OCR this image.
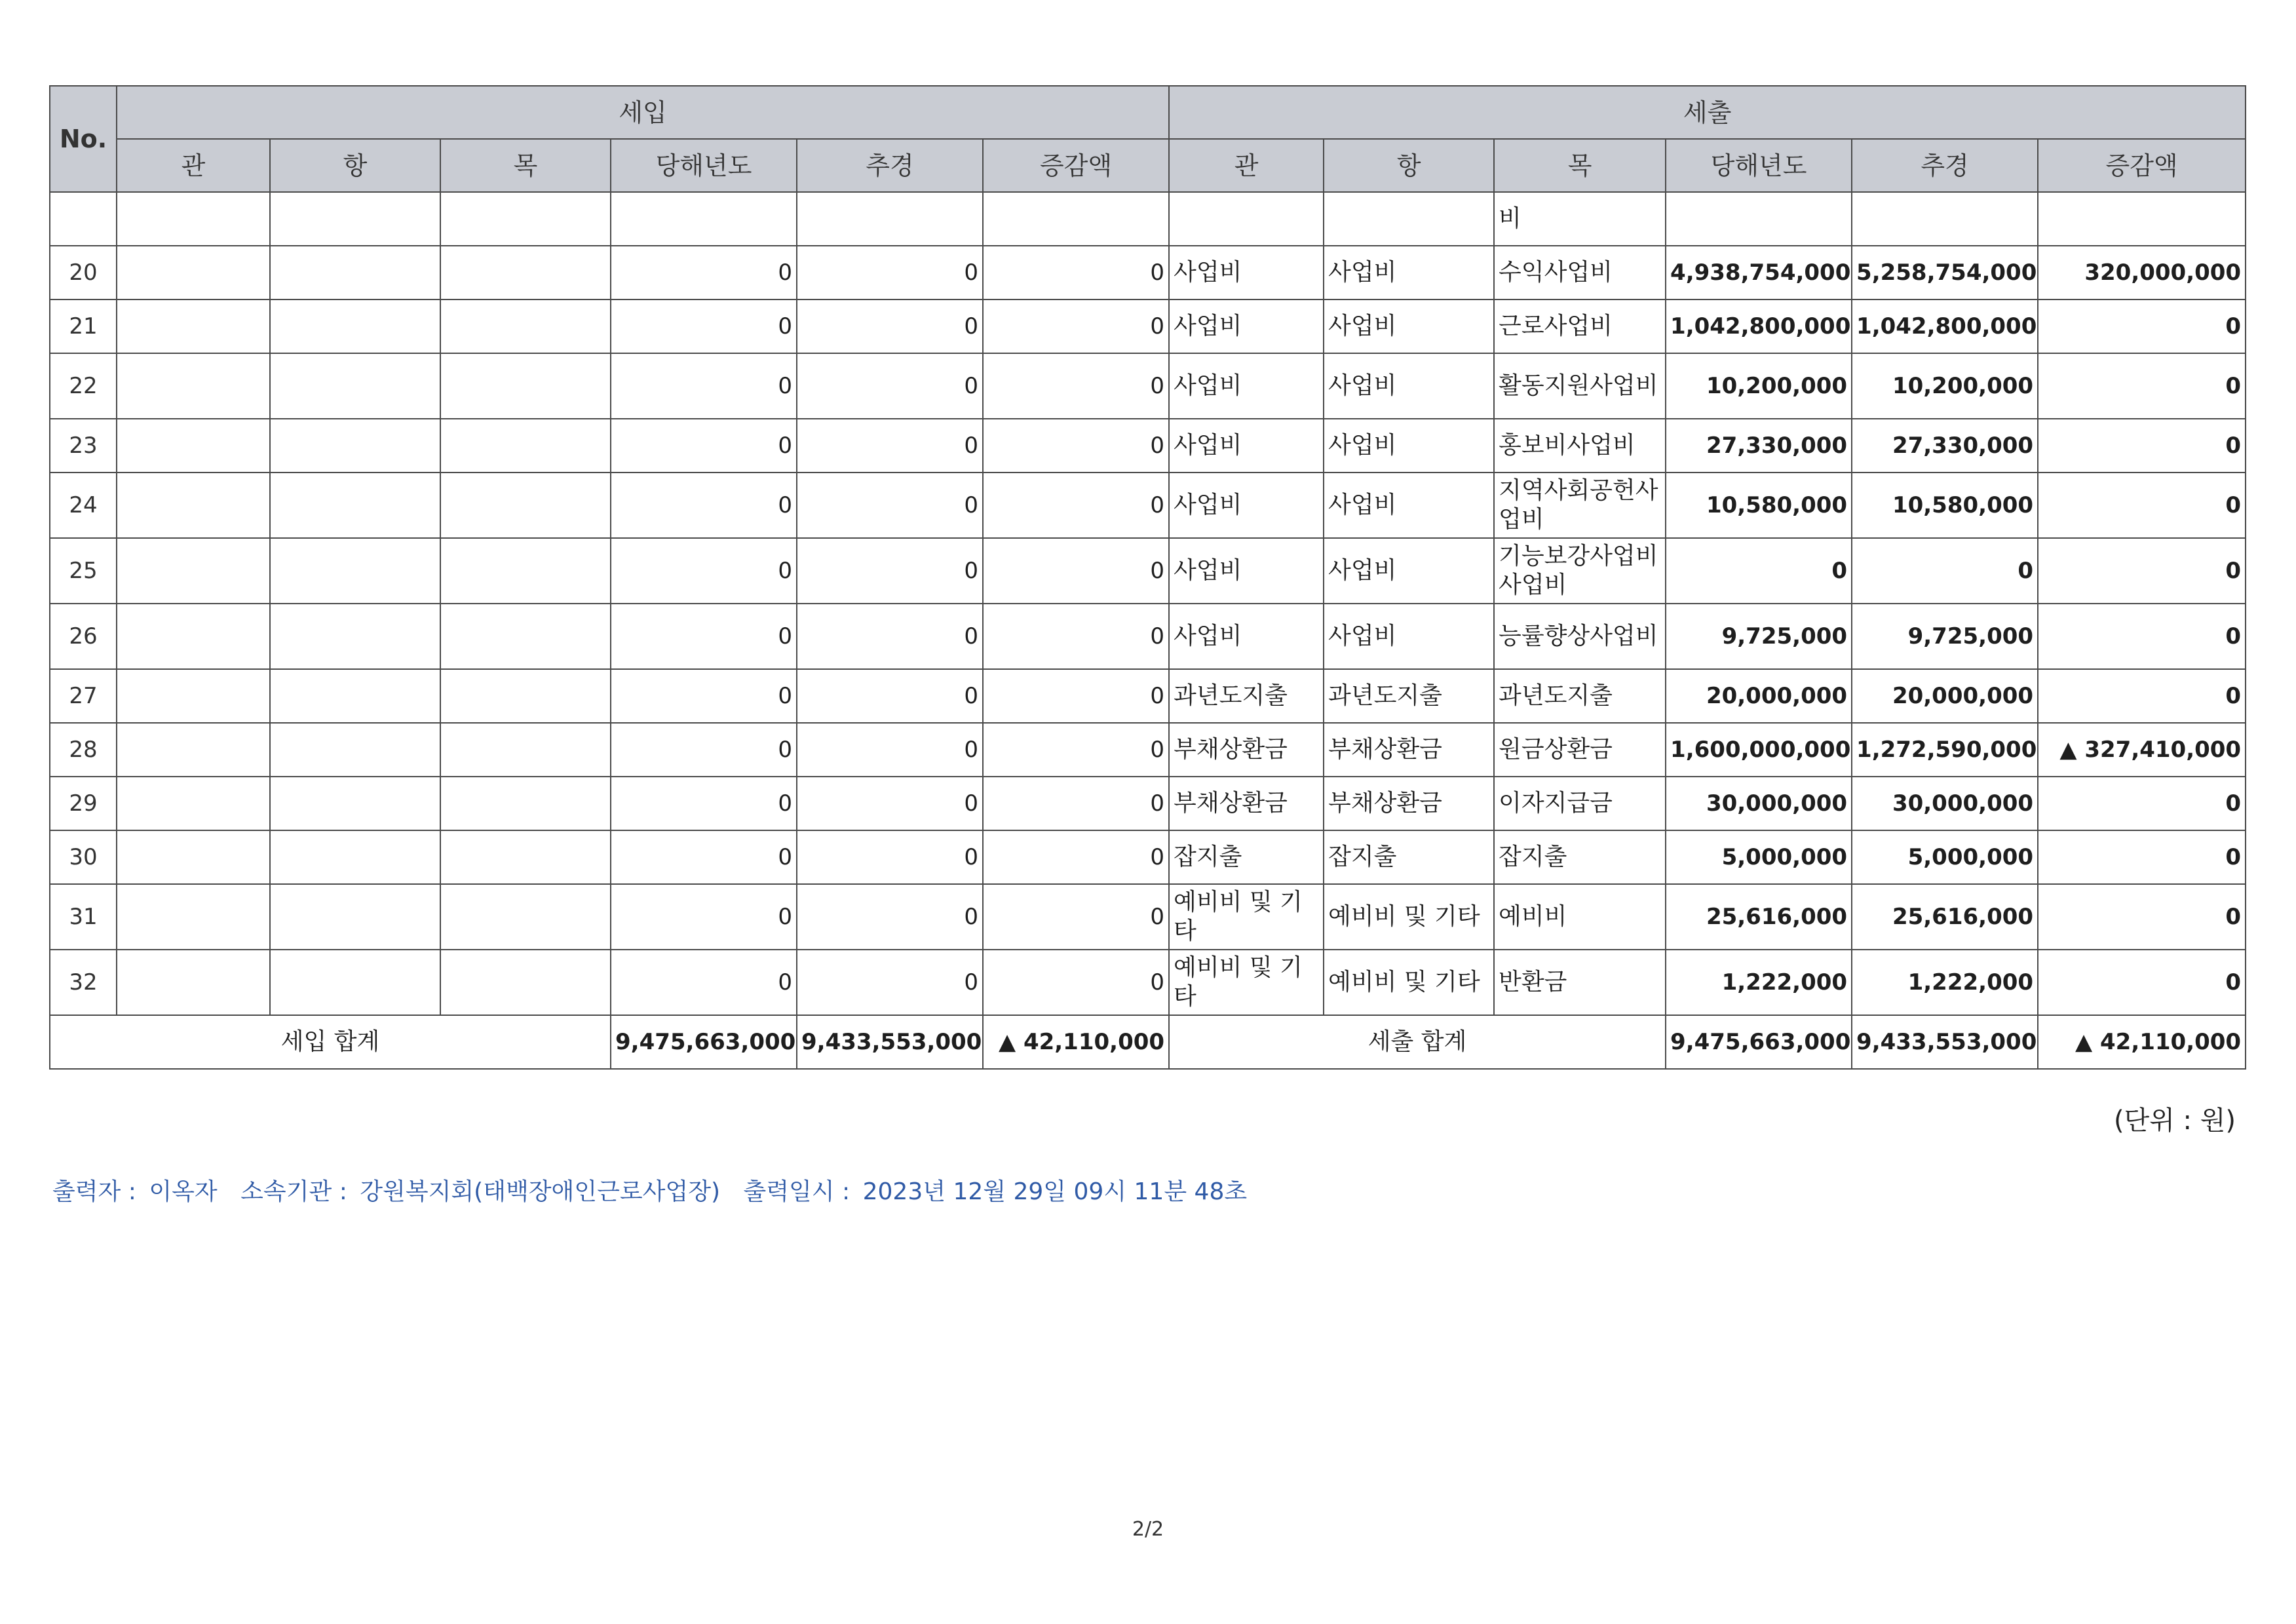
No.	세입						세출					
	관	항	목	당해년도	추경	증감액	관	항	목	당해년도	추경	증감액
									비			
20				0	0	0	사업비	사업비	수익사업비	4,938,754,000	5,258,754,000	320,000,000
21				0	0	0	사업비	사업비	근로사업비	1,042,800,000	1,042,800,000	0
22				0	0	0	사업비	사업비	활동지원사업비	10,200,000	10,200,000	0
23				0	0	0	사업비	사업비	홍보비사업비	27,330,000	27,330,000	0
24				0	0	0	사업비	사업비	지역사회공헌사업비	10,580,000	10,580,000	0
25				0	0	0	사업비	사업비	기능보강사업비사업비	0	0	0
26				0	0	0	사업비	사업비	능률향상사업비	9,725,000	9,725,000	0
27				0	0	0	과년도지출	과년도지출	과년도지출	20,000,000	20,000,000	0
28				0	0	0	부채상환금	부채상환금	원금상환금	1,600,000,000	1,272,590,000	▲ 327,410,000
29				0	0	0	부채상환금	부채상환금	이자지급금	30,000,000	30,000,000	0
30				0	0	0	잡지출	잡지출	잡지출	5,000,000	5,000,000	0
31				0	0	0	예비비 및 기타	예비비 및 기타	예비비	25,616,000	25,616,000	0
32				0	0	0	예비비 및 기타	예비비 및 기타	반환금	1,222,000	1,222,000	0
세입 합계				9,475,663,000	9,433,553,000	▲ 42,110,000	세출 합계			9,475,663,000	9,433,553,000	▲ 42,110,000
(단위 : 원)
출력자 : 이옥자 소속기관 : 강원복지회(태백장애인근로사업장) 출력일시 : 2023년 12월 29일 09시 11분 48초
2/2
